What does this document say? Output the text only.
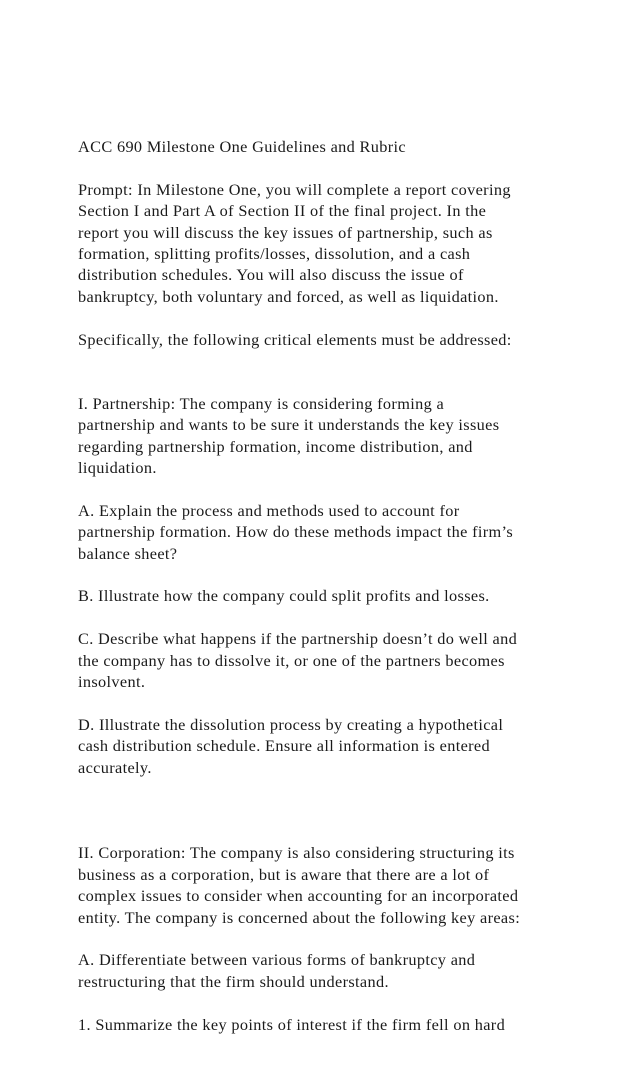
ACC 690 Milestone One Guidelines and Rubric

Prompt: In Milestone One, you will complete a report covering
Section I and Part A of Section II of the final project. In the
report you will discuss the key issues of partnership, such as
formation, splitting profits/losses, dissolution, and a cash
distribution schedules. You will also discuss the issue of
bankruptcy, both voluntary and forced, as well as liquidation.

Specifically, the following critical elements must be addressed:

I. Partnership: The company is considering forming a
partnership and wants to be sure it understands the key issues
regarding partnership formation, income distribution, and
liquidation.

A. Explain the process and methods used to account for
partnership formation. How do these methods impact the firm’s
balance sheet?

B. Illustrate how the company could split profits and losses.

C. Describe what happens if the partnership doesn’t do well and
the company has to dissolve it, or one of the partners becomes
insolvent.

D. Illustrate the dissolution process by creating a hypothetical
cash distribution schedule. Ensure all information is entered
accurately.

II. Corporation: The company is also considering structuring its
business as a corporation, but is aware that there are a lot of
complex issues to consider when accounting for an incorporated
entity. The company is concerned about the following key areas:

A. Differentiate between various forms of bankruptcy and
restructuring that the firm should understand.

1. Summarize the key points of interest if the firm fell on hard
